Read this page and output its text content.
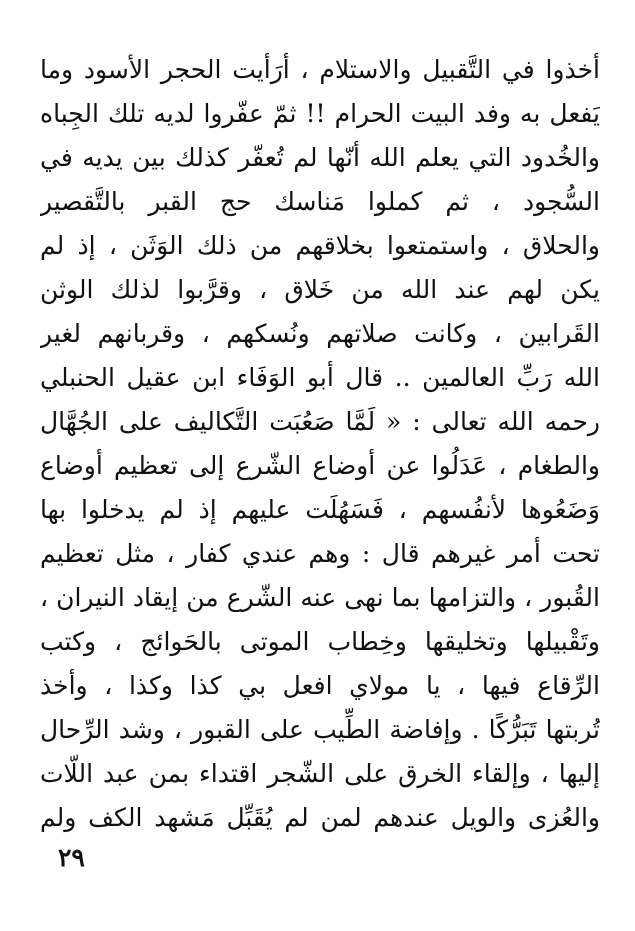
أخذوا في التَّقبيل والاستلام ، أرَأيت الحجر الأسود وما
يَفعل به وفد البيت الحرام !! ثمّ عفّروا لديه تلك الجِباه
والخُدود التي يعلم الله أنّها لم تُعفّر كذلك بين يديه في
السُّجود ، ثم كملوا مَناسك حج القبر بالتَّقصير
والحلاق ، واستمتعوا بخلاقهم من ذلك الوَثَن ، إذ لم
يكن لهم عند الله من خَلاق ، وقرَّبوا لذلك الوثن
القَرابين ، وكانت صلاتهم ونُسكهم ، وقربانهم لغير
الله رَبِّ العالمين .. قال أبو الوَفَاء ابن عقيل الحنبلي
رحمه الله تعالى : « لَمَّا صَعُبَت التَّكاليف على الجُهَّال
والطغام ، عَدَلُوا عن أوضاع الشّرع إلى تعظيم أوضاع
وَضَعُوها لأنفُسهم ، فَسَهُلَت عليهم إذ لم يدخلوا بها
تحت أمر غيرهم قال : وهم عندي كفار ، مثل تعظيم
القُبور ، والتزامها بما نهى عنه الشّرع من إيقاد النيران ،
وتَقْبيلها وتخليقها وخِطاب الموتى بالحَوائج ، وكتب
الرِّقاع فيها ، يا مولاي افعل بي كذا وكذا ، وأخذ
تُربتها تَبَرُّكًا . وإفاضة الطِّيب على القبور ، وشد الرِّحال
إليها ، وإلقاء الخرق على الشّجر اقتداء بمن عبد اللّات
والعُزى والويل عندهم لمن لم يُقَبِّل مَشهد الكف ولم
٢٩
